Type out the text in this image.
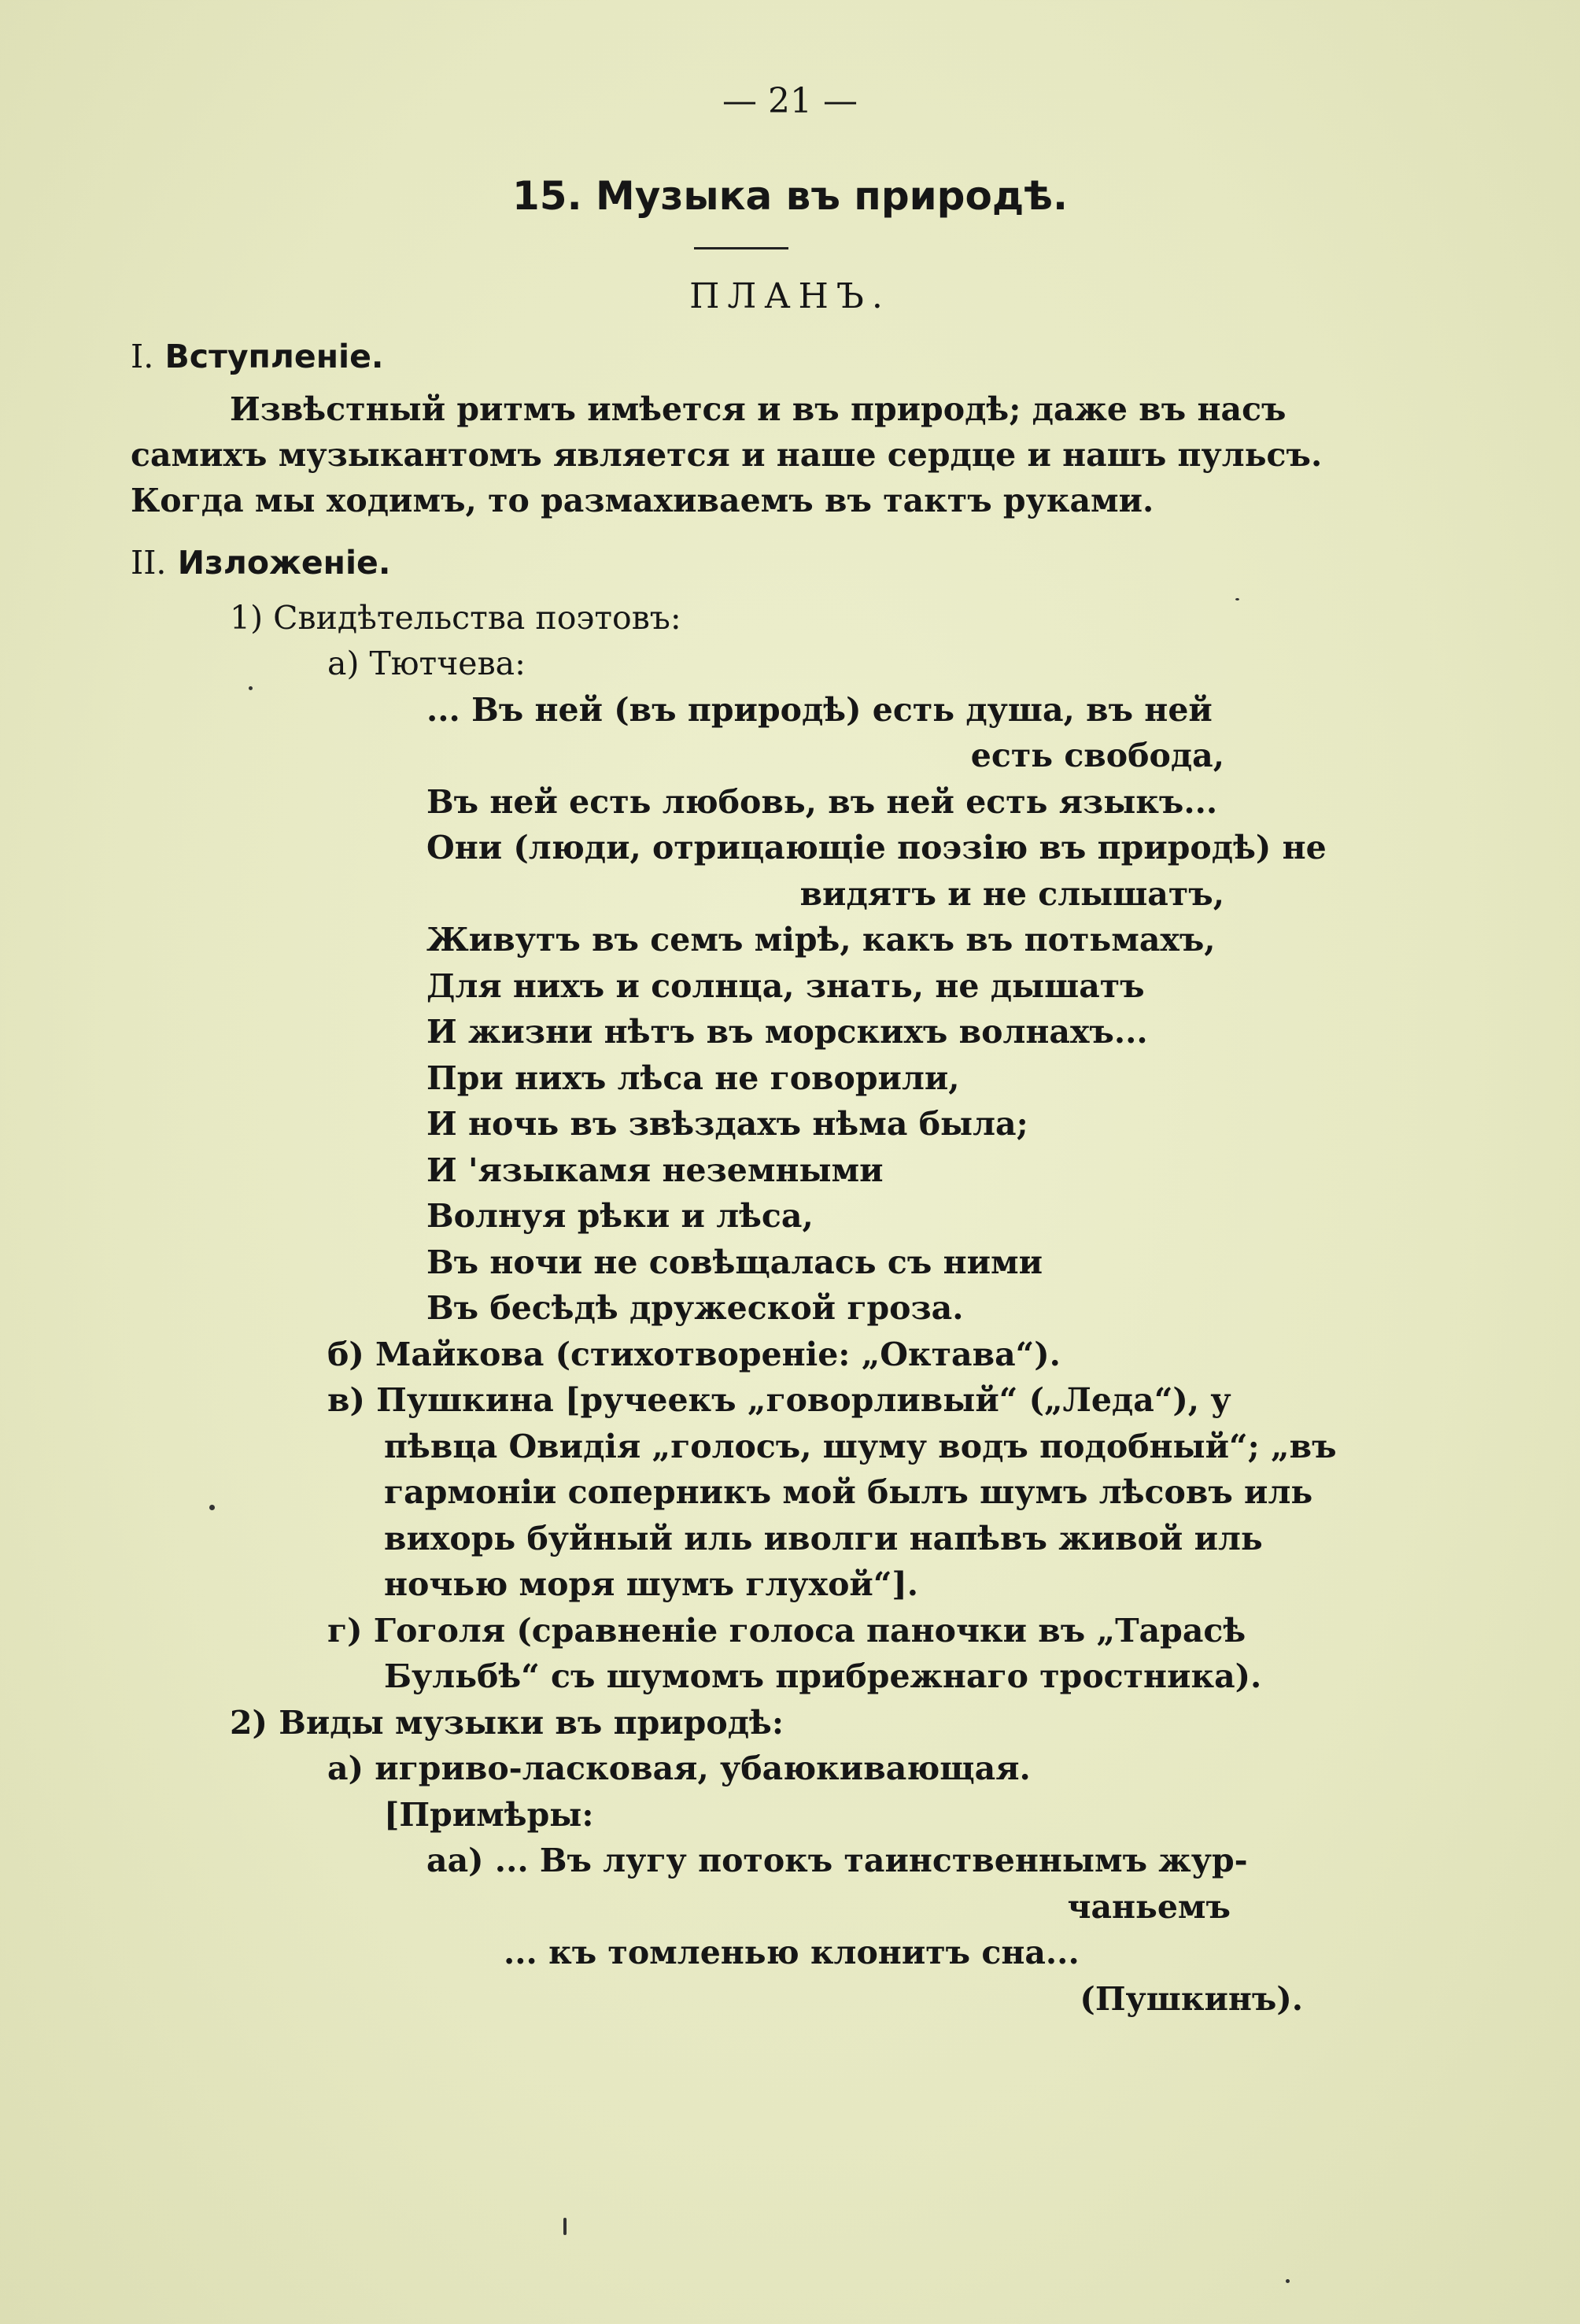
— 21 —
15. Музыка въ природѣ.
ПЛАНЪ.
I. Вступленіе.
Извѣстный ритмъ имѣется и въ природѣ; даже въ насъ
самихъ музыкантомъ является и наше сердце и нашъ пульсъ.
Когда мы ходимъ, то размахиваемъ въ тактъ руками.
II. Изложеніе.
1) Свидѣтельства поэтовъ:
а) Тютчева:
... Въ ней (въ природѣ) есть душа, въ ней
есть свобода,
Въ ней есть любовь, въ ней есть языкъ...
Они (люди, отрицающіе поэзію въ природѣ) не
видятъ и не слышатъ,
Живутъ въ семъ мірѣ, какъ въ потьмахъ,
Для нихъ и солнца, знать, не дышатъ
И жизни нѣтъ въ морскихъ волнахъ...
При нихъ лѣса не говорили,
И ночь въ звѣздахъ нѣма была;
И 'языкамя неземными
Волнуя рѣки и лѣса,
Въ ночи не совѣщалась съ ними
Въ бесѣдѣ дружеской гроза.
б) Майкова (стихотвореніе: „Октава“).
в) Пушкина [ручеекъ „говорливый“ („Леда“), у
пѣвца Овидія „голосъ, шуму водъ подобный“; „въ
гармоніи соперникъ мой былъ шумъ лѣсовъ иль
вихорь буйный иль иволги напѣвъ живой иль
ночью моря шумъ глухой“].
г) Гоголя (сравненіе голоса паночки въ „Тарасѣ
Бульбѣ“ съ шумомъ прибрежнаго тростника).
2) Виды музыки въ природѣ:
а) игриво-ласковая, убаюкивающая.
[Примѣры:
аа) ... Въ лугу потокъ таинственнымъ жур-
чаньемъ
... къ томленью клонитъ сна...
(Пушкинъ).
